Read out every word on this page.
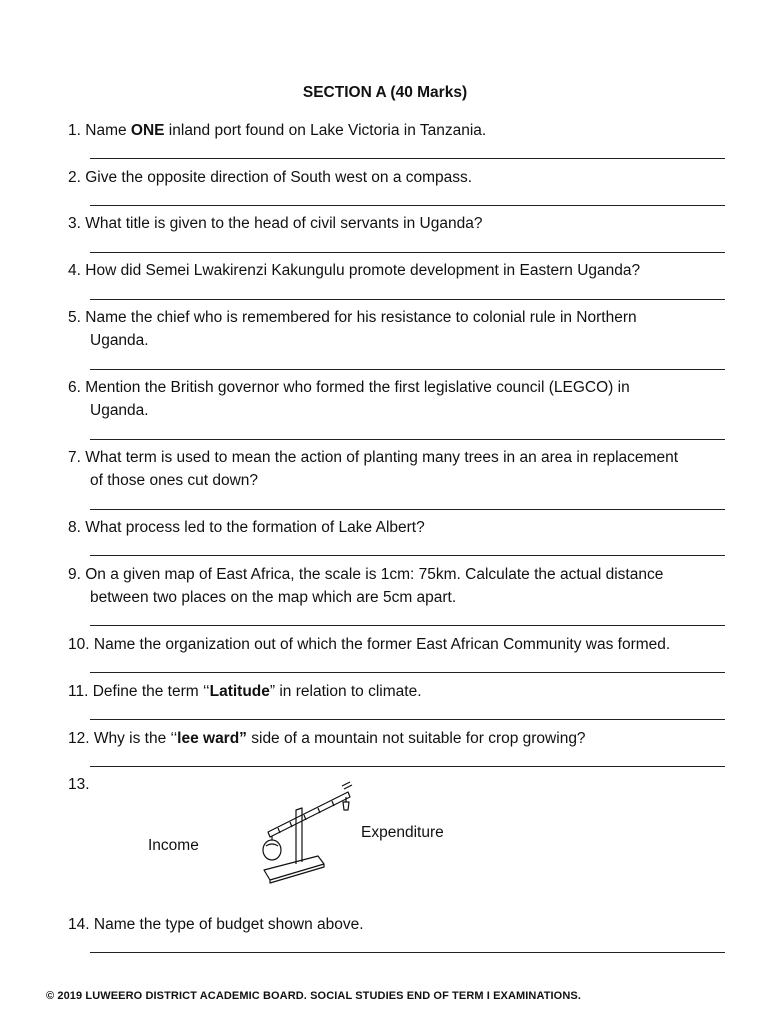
SECTION A (40 Marks)
1. Name ONE inland port found on Lake Victoria in Tanzania.
2. Give the opposite direction of South west on a compass.
3. What title is given to the head of civil servants in Uganda?
4. How did Semei Lwakirenzi Kakungulu promote development in Eastern Uganda?
5. Name the chief who is remembered for his resistance to colonial rule in Northern
Uganda.
6. Mention the British governor who formed the first legislative council (LEGCO) in
Uganda.
7. What term is used to mean the action of planting many trees in an area in replacement
of those ones cut down?
8. What process led to the formation of Lake Albert?
9. On a given map of East Africa, the scale is 1cm: 75km. Calculate the actual distance
between two places on the map which are 5cm apart.
10. Name the organization out of which the former East African Community was formed.
11. Define the term ‘‘Latitude” in relation to climate.
12. Why is the ‘‘lee ward” side of a mountain not suitable for crop growing?
13.
Income
Expenditure
14. Name the type of budget shown above.
© 2019 LUWEERO DISTRICT ACADEMIC BOARD. SOCIAL STUDIES END OF TERM I EXAMINATIONS.
